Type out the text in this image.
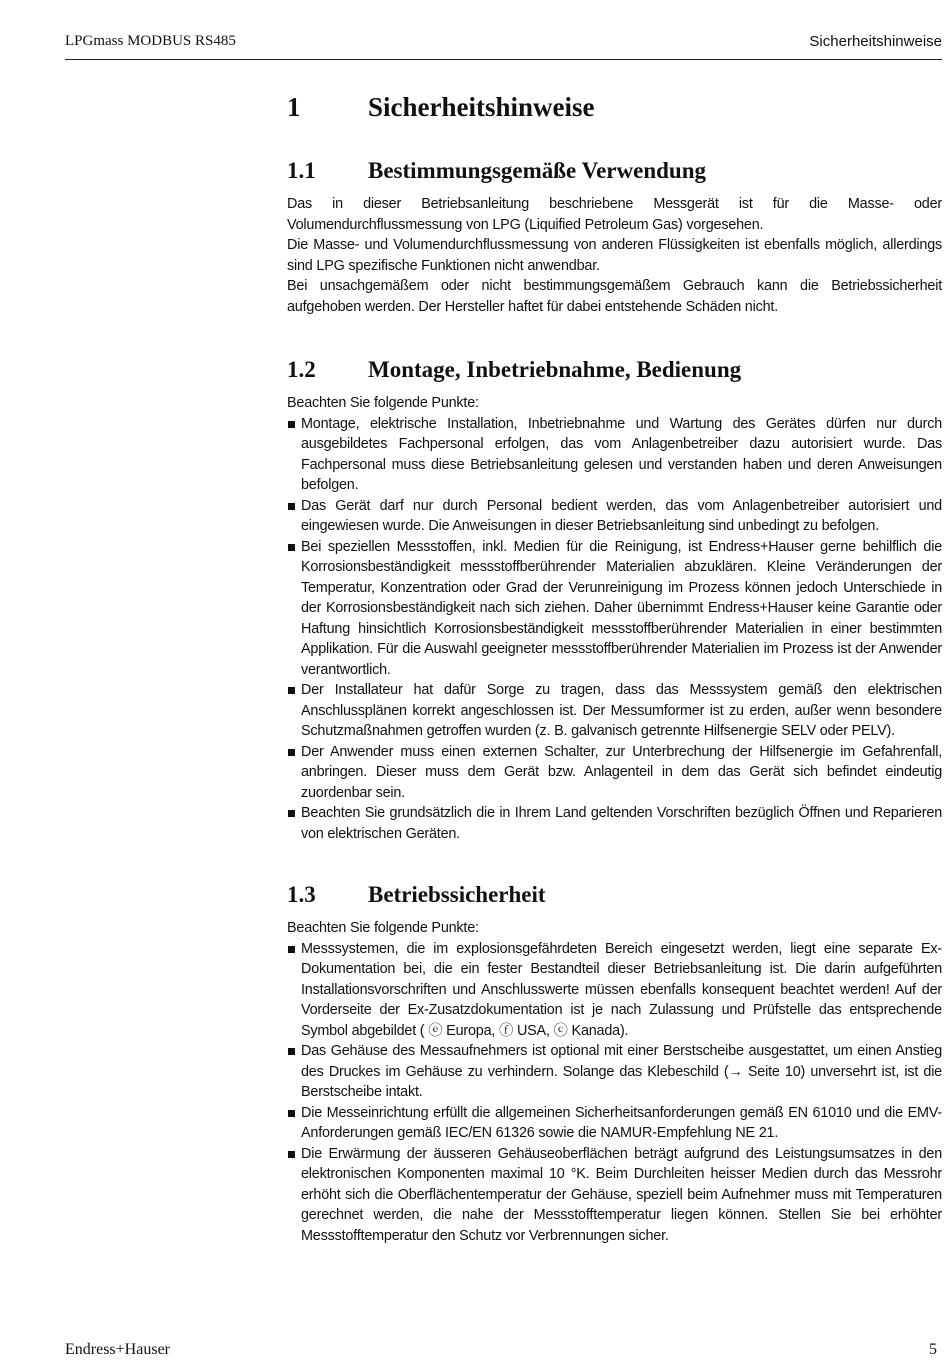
LPGmass MODBUS RS485	Sicherheitshinweise
1	Sicherheitshinweise
1.1	Bestimmungsgemäße Verwendung

Das in dieser Betriebsanleitung beschriebene Messgerät ist für die Masse- oder Volumendurchflussmessung von LPG (Liquified Petroleum Gas) vorgesehen.

Die Masse- und Volumendurchflussmessung von anderen Flüssigkeiten ist ebenfalls möglich, allerdings sind LPG spezifische Funktionen nicht anwendbar.

Bei unsachgemäßem oder nicht bestimmungsgemäßem Gebrauch kann die Betriebssicherheit aufgehoben werden. Der Hersteller haftet für dabei entstehende Schäden nicht.

1.2	Montage, Inbetriebnahme, Bedienung

Beachten Sie folgende Punkte:

Montage, elektrische Installation, Inbetriebnahme und Wartung des Gerätes dürfen nur durch ausgebildetes Fachpersonal erfolgen, das vom Anlagenbetreiber dazu autorisiert wurde. Das Fachpersonal muss diese Betriebsanleitung gelesen und verstanden haben und deren Anweisungen befolgen.
Das Gerät darf nur durch Personal bedient werden, das vom Anlagenbetreiber autorisiert und eingewiesen wurde. Die Anweisungen in dieser Betriebsanleitung sind unbedingt zu befolgen.
Bei speziellen Messstoffen, inkl. Medien für die Reinigung, ist Endress+Hauser gerne behilflich die Korrosionsbeständigkeit messstoffberührender Materialien abzuklären. Kleine Veränderungen der Temperatur, Konzentration oder Grad der Verunreinigung im Prozess können jedoch Unterschiede in der Korrosionsbeständigkeit nach sich ziehen. Daher übernimmt Endress+Hauser keine Garantie oder Haftung hinsichtlich Korrosionsbeständigkeit messstoffberührender Materialien in einer bestimmten Applikation. Für die Auswahl geeigneter messstoffberührender Materialien im Prozess ist der Anwender verantwortlich.
Der Installateur hat dafür Sorge zu tragen, dass das Messsystem gemäß den elektrischen Anschlussplänen korrekt angeschlossen ist. Der Messumformer ist zu erden, außer wenn besondere Schutzmaßnahmen getroffen wurden (z. B. galvanisch getrennte Hilfsenergie SELV oder PELV).
Der Anwender muss einen externen Schalter, zur Unterbrechung der Hilfsenergie im Gefahrenfall, anbringen. Dieser muss dem Gerät bzw. Anlagenteil in dem das Gerät sich befindet eindeutig zuordenbar sein.
Beachten Sie grundsätzlich die in Ihrem Land geltenden Vorschriften bezüglich Öffnen und Reparieren von elektrischen Geräten.
1.3	Betriebssicherheit

Beachten Sie folgende Punkte:

Messsystemen, die im explosionsgefährdeten Bereich eingesetzt werden, liegt eine separate Ex-Dokumentation bei, die ein fester Bestandteil dieser Betriebsanleitung ist. Die darin aufgeführten Installationsvorschriften und Anschlusswerte müssen ebenfalls konsequent beachtet werden! Auf der Vorderseite der Ex-Zusatzdokumentation ist je nach Zulassung und Prüfstelle das entsprechende Symbol abgebildet ( ⓔ Europa, ⓕ USA, ⓒ Kanada).
Das Gehäuse des Messaufnehmers ist optional mit einer Berstscheibe ausgestattet, um einen Anstieg des Druckes im Gehäuse zu verhindern. Solange das Klebeschild (→ Seite 10) unversehrt ist, ist die Berstscheibe intakt.
Die Messeinrichtung erfüllt die allgemeinen Sicherheitsanforderungen gemäß EN 61010 und die EMV-Anforderungen gemäß IEC/EN 61326 sowie die NAMUR-Empfehlung NE 21.
Die Erwärmung der äusseren Gehäuseoberflächen beträgt aufgrund des Leistungsumsatzes in den elektronischen Komponenten maximal 10 °K. Beim Durchleiten heisser Medien durch das Messrohr erhöht sich die Oberflächentemperatur der Gehäuse, speziell beim Aufnehmer muss mit Temperaturen gerechnet werden, die nahe der Messstofftemperatur liegen können. Stellen Sie bei erhöhter Messstofftemperatur den Schutz vor Verbrennungen sicher.
Endress+Hauser	5
